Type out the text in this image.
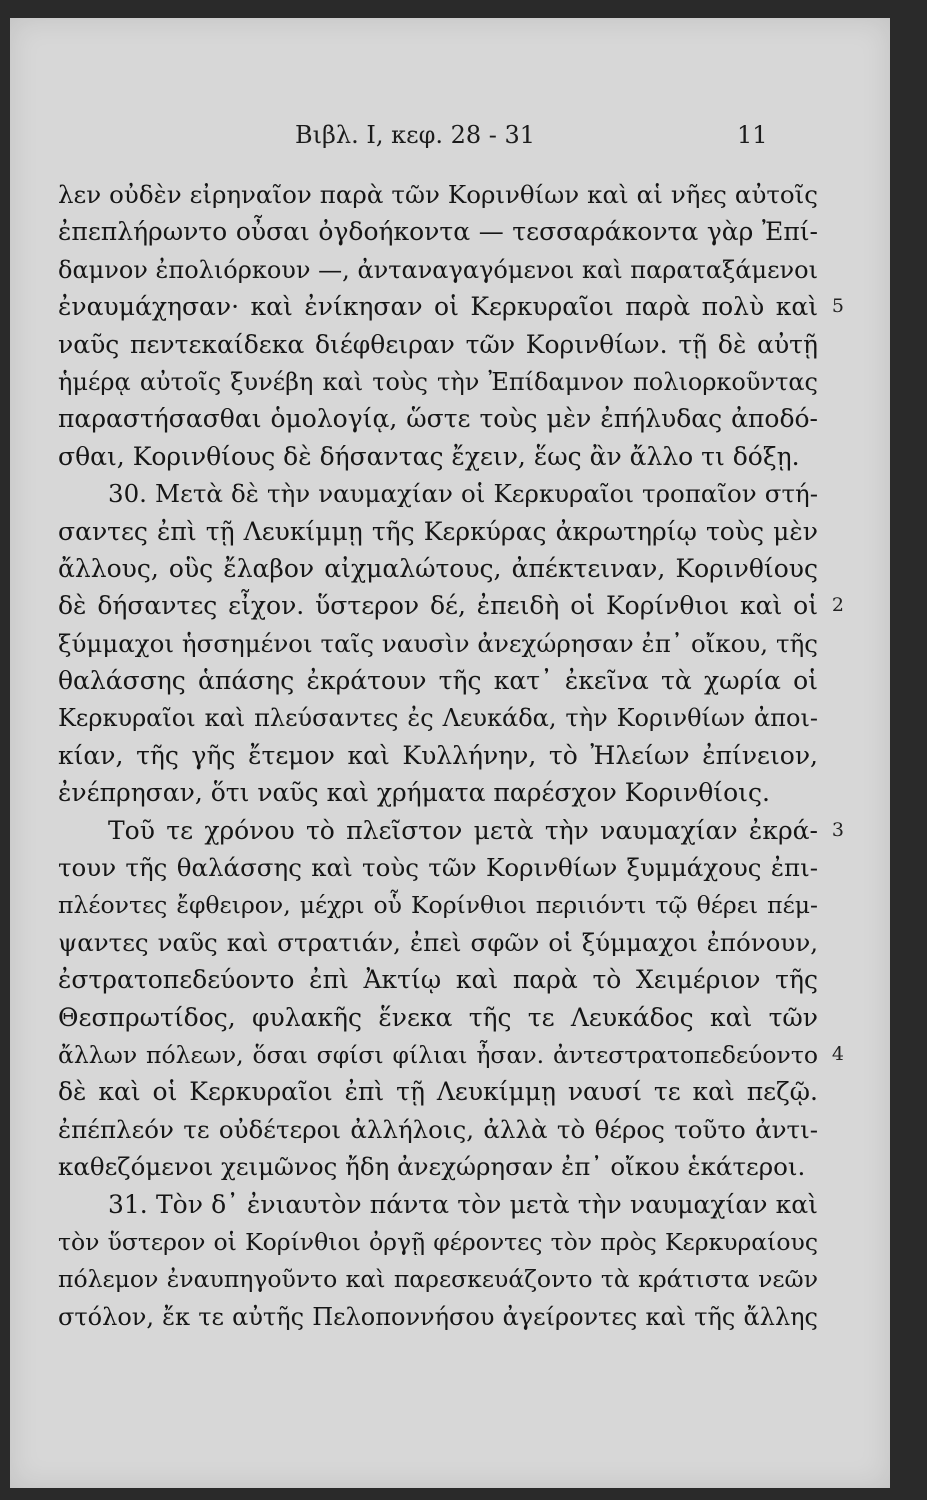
Βιβλ. I, κεφ. 28 - 31	11
λεν οὐδὲν εἰρηναῖον παρὰ τῶν Κορινθίων καὶ αἱ νῆες αὐτοῖς
ἐπεπλήρωντο οὖσαι ὀγδοήκοντα — τεσσαράκοντα γὰρ Ἐπί-
δαμνον ἐπολιόρκουν —, ἀνταναγαγόμενοι καὶ παραταξάμενοι
ἐναυμάχησαν· καὶ ἐνίκησαν οἱ Κερκυραῖοι παρὰ πολὺ καὶ 5
ναῦς πεντεκαίδεκα διέφθειραν τῶν Κορινθίων. τῇ δὲ αὐτῇ
ἡμέρᾳ αὐτοῖς ξυνέβη καὶ τοὺς τὴν Ἐπίδαμνον πολιορκοῦντας
παραστήσασθαι ὁμολογίᾳ, ὥστε τοὺς μὲν ἐπήλυδας ἀποδό-
σθαι, Κορινθίους δὲ δήσαντας ἔχειν, ἕως ἂν ἄλλο τι δόξῃ.
30. Μετὰ δὲ τὴν ναυμαχίαν οἱ Κερκυραῖοι τροπαῖον στή-
σαντες ἐπὶ τῇ Λευκίμμῃ τῆς Κερκύρας ἀκρωτηρίῳ τοὺς μὲν
ἄλλους, οὓς ἔλαβον αἰχμαλώτους, ἀπέκτειναν, Κορινθίους
δὲ δήσαντες εἶχον. ὕστερον δέ, ἐπειδὴ οἱ Κορίνθιοι καὶ οἱ 2
ξύμμαχοι ἡσσημένοι ταῖς ναυσὶν ἀνεχώρησαν ἐπ᾽ οἴκου, τῆς
θαλάσσης ἁπάσης ἐκράτουν τῆς κατ᾽ ἐκεῖνα τὰ χωρία οἱ
Κερκυραῖοι καὶ πλεύσαντες ἐς Λευκάδα, τὴν Κορινθίων ἀποι-
κίαν, τῆς γῆς ἔτεμον καὶ Κυλλήνην, τὸ Ἠλείων ἐπίνειον,
ἐνέπρησαν, ὅτι ναῦς καὶ χρήματα παρέσχον Κορινθίοις.
Τοῦ τε χρόνου τὸ πλεῖστον μετὰ τὴν ναυμαχίαν ἐκρά- 3
τουν τῆς θαλάσσης καὶ τοὺς τῶν Κορινθίων ξυμμάχους ἐπι-
πλέοντες ἔφθειρον, μέχρι οὗ Κορίνθιοι περιιόντι τῷ θέρει πέμ-
ψαντες ναῦς καὶ στρατιάν, ἐπεὶ σφῶν οἱ ξύμμαχοι ἐπόνουν,
ἐστρατοπεδεύοντο ἐπὶ Ἀκτίῳ καὶ παρὰ τὸ Χειμέριον τῆς
Θεσπρωτίδος, φυλακῆς ἕνεκα τῆς τε Λευκάδος καὶ τῶν
ἄλλων πόλεων, ὅσαι σφίσι φίλιαι ἦσαν. ἀντεστρατοπεδεύοντο 4
δὲ καὶ οἱ Κερκυραῖοι ἐπὶ τῇ Λευκίμμῃ ναυσί τε καὶ πεζῷ.
ἐπέπλεόν τε οὐδέτεροι ἀλλήλοις, ἀλλὰ τὸ θέρος τοῦτο ἀντι-
καθεζόμενοι χειμῶνος ἤδη ἀνεχώρησαν ἐπ᾽ οἴκου ἑκάτεροι.
31. Τὸν δ᾽ ἐνιαυτὸν πάντα τὸν μετὰ τὴν ναυμαχίαν καὶ
τὸν ὕστερον οἱ Κορίνθιοι ὀργῇ φέροντες τὸν πρὸς Κερκυραίους
πόλεμον ἐναυπηγοῦντο καὶ παρεσκευάζοντο τὰ κράτιστα νεῶν
στόλον, ἔκ τε αὐτῆς Πελοποννήσου ἀγείροντες καὶ τῆς ἄλλης
